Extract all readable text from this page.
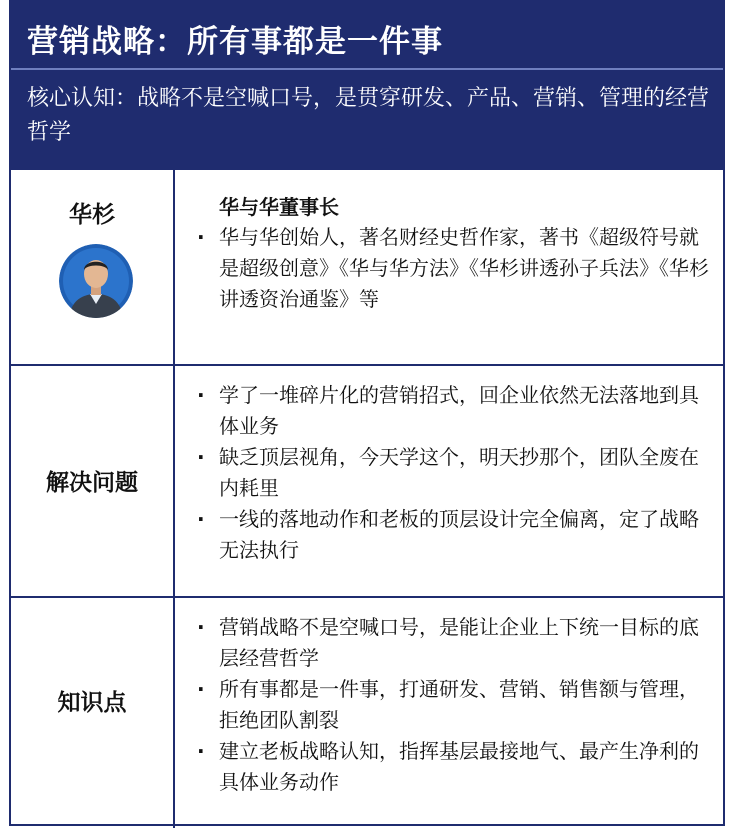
营销战略：所有事都是一件事
核心认知：战略不是空喊口号，是贯穿研发、产品、营销、管理的经营哲学
华杉	华与华董事长
· 华与华创始人，著名财经史哲作家，著书《超级符号就是超级创意》《华与华方法》《华杉讲透孙子兵法》《华杉讲透资治通鉴》等
解决问题
· 学了一堆碎片化的营销招式，回企业依然无法落地到具体业务
· 缺乏顶层视角，今天学这个，明天抄那个，团队全废在内耗里
· 一线的落地动作和老板的顶层设计完全偏离，定了战略无法执行
知识点
· 营销战略不是空喊口号，是能让企业上下统一目标的底层经营哲学
· 所有事都是一件事，打通研发、营销、销售额与管理，拒绝团队割裂
· 建立老板战略认知，指挥基层最接地气、最产生净利的具体业务动作
